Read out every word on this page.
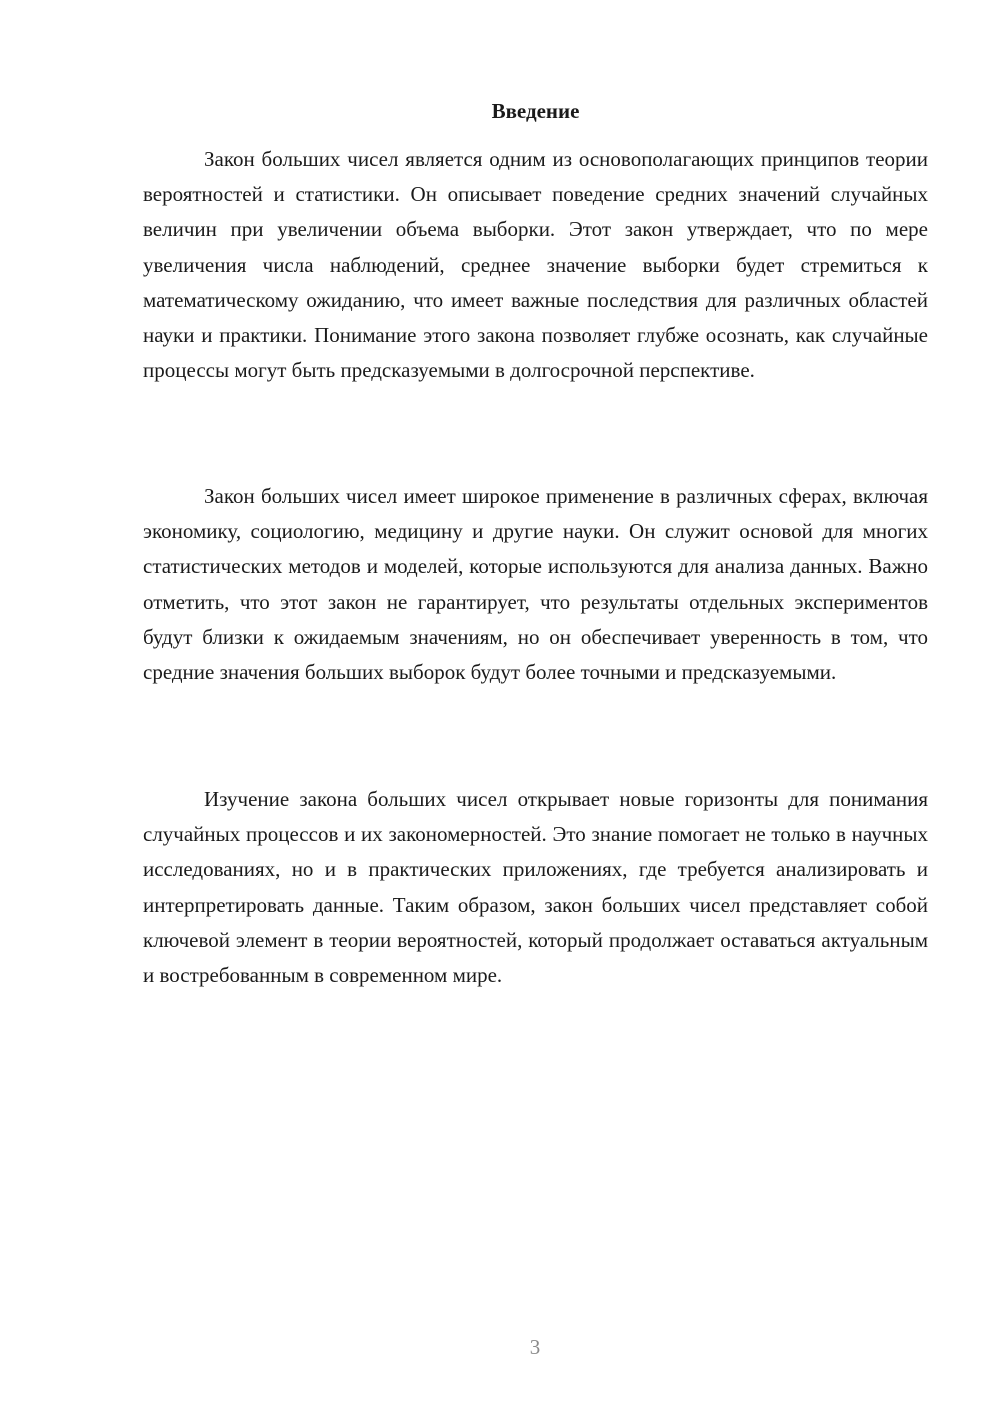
Введение

Закон больших чисел является одним из основополагающих принципов теории вероятностей и статистики. Он описывает поведение средних значений случайных величин при увеличении объема выборки. Этот закон утверждает, что по мере увеличения числа наблюдений, среднее значение выборки будет стремиться к математическому ожиданию, что имеет важные последствия для различных областей науки и практики. Понимание этого закона позволяет глубже осознать, как случайные процессы могут быть предсказуемыми в долгосрочной перспективе.

Закон больших чисел имеет широкое применение в различных сферах, включая экономику, социологию, медицину и другие науки. Он служит основой для многих статистических методов и моделей, которые используются для анализа данных. Важно отметить, что этот закон не гарантирует, что результаты отдельных экспериментов будут близки к ожидаемым значениям, но он обеспечивает уверенность в том, что средние значения больших выборок будут более точными и предсказуемыми.

Изучение закона больших чисел открывает новые горизонты для понимания случайных процессов и их закономерностей. Это знание помогает не только в научных исследованиях, но и в практических приложениях, где требуется анализировать и интерпретировать данные. Таким образом, закон больших чисел представляет собой ключевой элемент в теории вероятностей, который продолжает оставаться актуальным и востребованным в современном мире.

3
